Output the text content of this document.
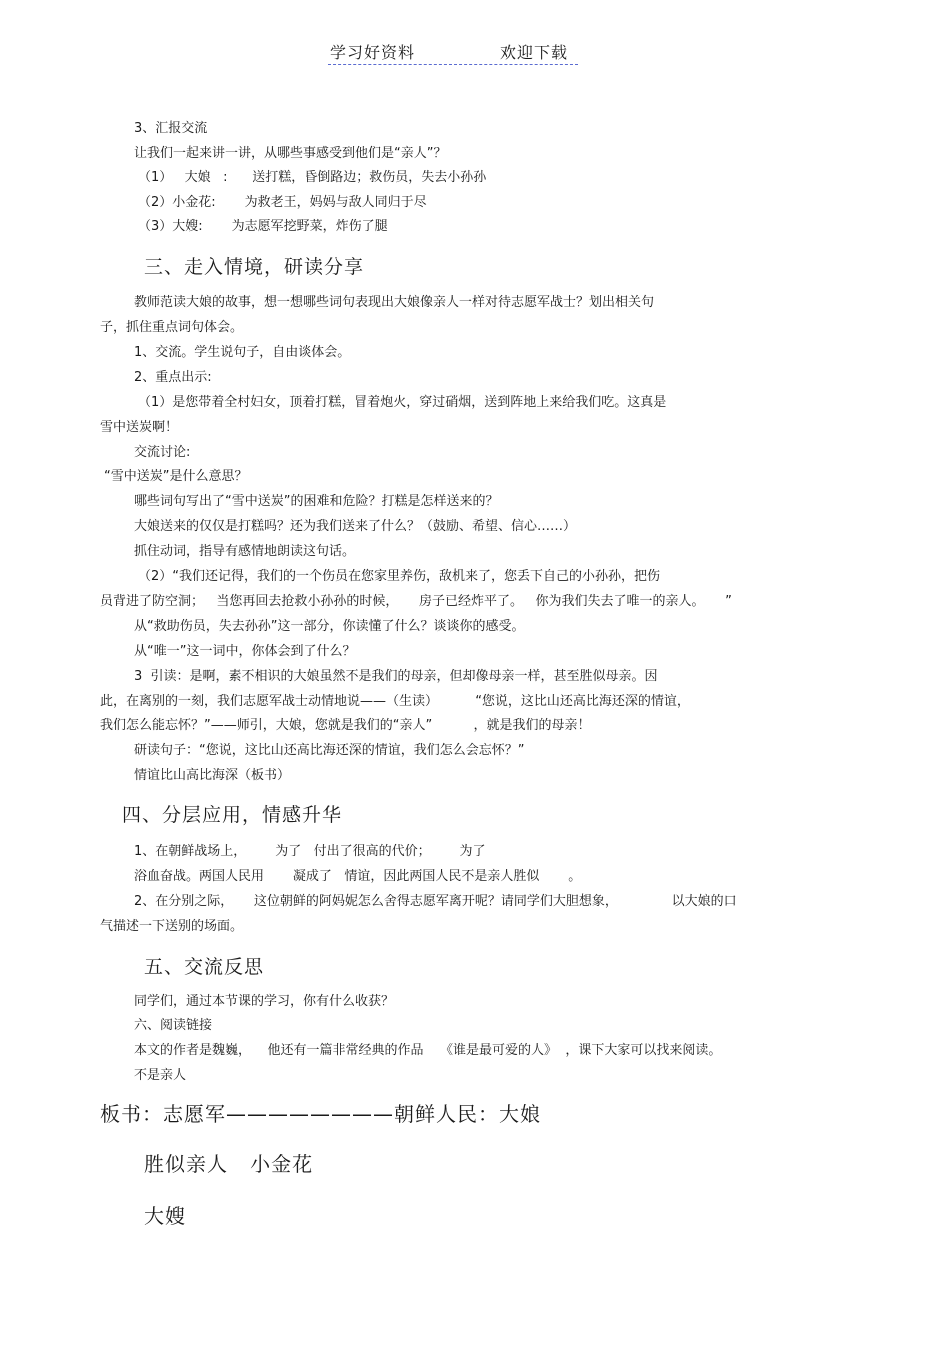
学习好资料	欢迎下载
3、汇报交流
让我们一起来讲一讲，从哪些事感受到他们是“亲人”？
（1）   大娘   :      送打糕，昏倒路边；救伤员，失去小孙孙
（2）小金花:       为救老王，妈妈与敌人同归于尽
（3）大嫂:       为志愿军挖野菜，炸伤了腿
三、走入情境，研读分享
教师范读大娘的故事，想一想哪些词句表现出大娘像亲人一样对待志愿军战士？划出相关句
子，抓住重点词句体会。
1、交流。学生说句子，自由谈体会。
2、重点出示:
（1）是您带着全村妇女，顶着打糕，冒着炮火，穿过硝烟，送到阵地上来给我们吃。这真是
雪中送炭啊！
交流讨论:
“雪中送炭”是什么意思？
哪些词句写出了“雪中送炭”的困难和危险？打糕是怎样送来的？
大娘送来的仅仅是打糕吗？还为我们送来了什么？（鼓励、希望、信心……）
抓住动词，指导有感情地朗读这句话。
（2）“我们还记得，我们的一个伤员在您家里养伤，敌机来了，您丢下自己的小孙孙，把伤
员背进了防空洞；   当您再回去抢救小孙孙的时候，     房子已经炸平了。   你为我们失去了唯一的亲人。     ”
从“救助伤员，失去孙孙”这一部分，你读懂了什么？谈谈你的感受。
从“唯一”这一词中，你体会到了什么？
3  引读：是啊，素不相识的大娘虽然不是我们的母亲，但却像母亲一样，甚至胜似母亲。因
此，在离别的一刻，我们志愿军战士动情地说——（生读）         “您说，这比山还高比海还深的情谊，
我们怎么能忘怀？”——师引，大娘，您就是我们的“亲人”          ，就是我们的母亲！
研读句子：“您说，这比山还高比海还深的情谊，我们怎么会忘怀？”
情谊比山高比海深（板书）
四、分层应用，情感升华
1、在朝鲜战场上，       为了   付出了很高的代价；       为了
浴血奋战。两国人民用       凝成了   情谊，因此两国人民不是亲人胜似       。
2、在分别之际，     这位朝鲜的阿妈妮怎么舍得志愿军离开呢？请同学们大胆想象，             以大娘的口
气描述一下送别的场面。
五、交流反思
同学们，通过本节课的学习，你有什么收获？
六、阅读链接
本文的作者是魏巍，    他还有一篇非常经典的作品    《谁是最可爱的人》  ，课下大家可以找来阅读。
不是亲人
板书：志愿军————————朝鲜人民：大娘
胜似亲人   小金花
大嫂
